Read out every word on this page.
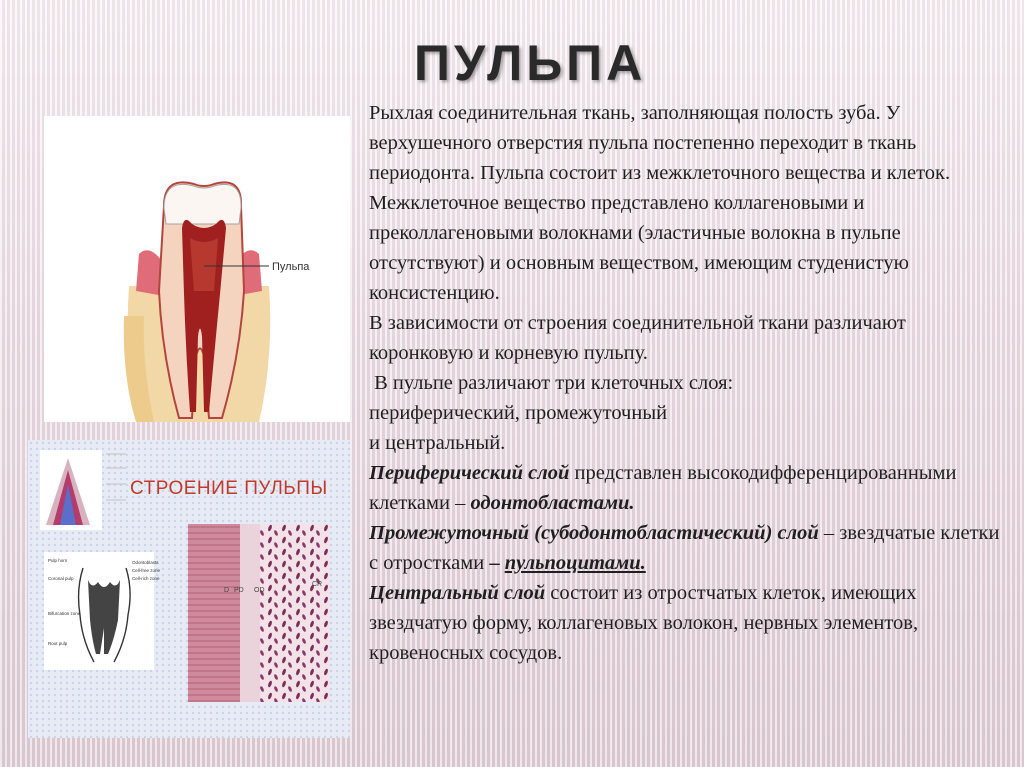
ПУЛЬПА
Пульпа
Pulp horn
Coronal pulp
Bifurcation zone
Root pulp
Odontoblasts
Cell-free zone
Cell-rich zone
D PD OD
CR
СТРОЕНИЕ ПУЛЬПЫ

Рыхлая соединительная ткань, заполняющая полость зуба. У верхушечного отверстия пульпа постепенно переходит в ткань периодонта. Пульпа состоит из межклеточного вещества и клеток. Межклеточное вещество представлено коллагеновыми и преколлагеновыми волокнами (эластичные волокна в пульпе отсутствуют) и основным веществом, имеющим студенистую консистенцию.

В зависимости от строения соединительной ткани различают коронковую и корневую пульпу.

В пульпе различают три клеточных слоя:
периферический, промежуточный
и центральный.

Периферический слой представлен высокодифференцированными клетками – одонтобластами.

Промежуточный (субодонтобластический) слой – звездчатые клетки с отростками – пульпоцитами.

Центральный слой состоит из отростчатых клеток, имеющих звездчатую форму, коллагеновых волокон, нервных элементов, кровеносных сосудов.
